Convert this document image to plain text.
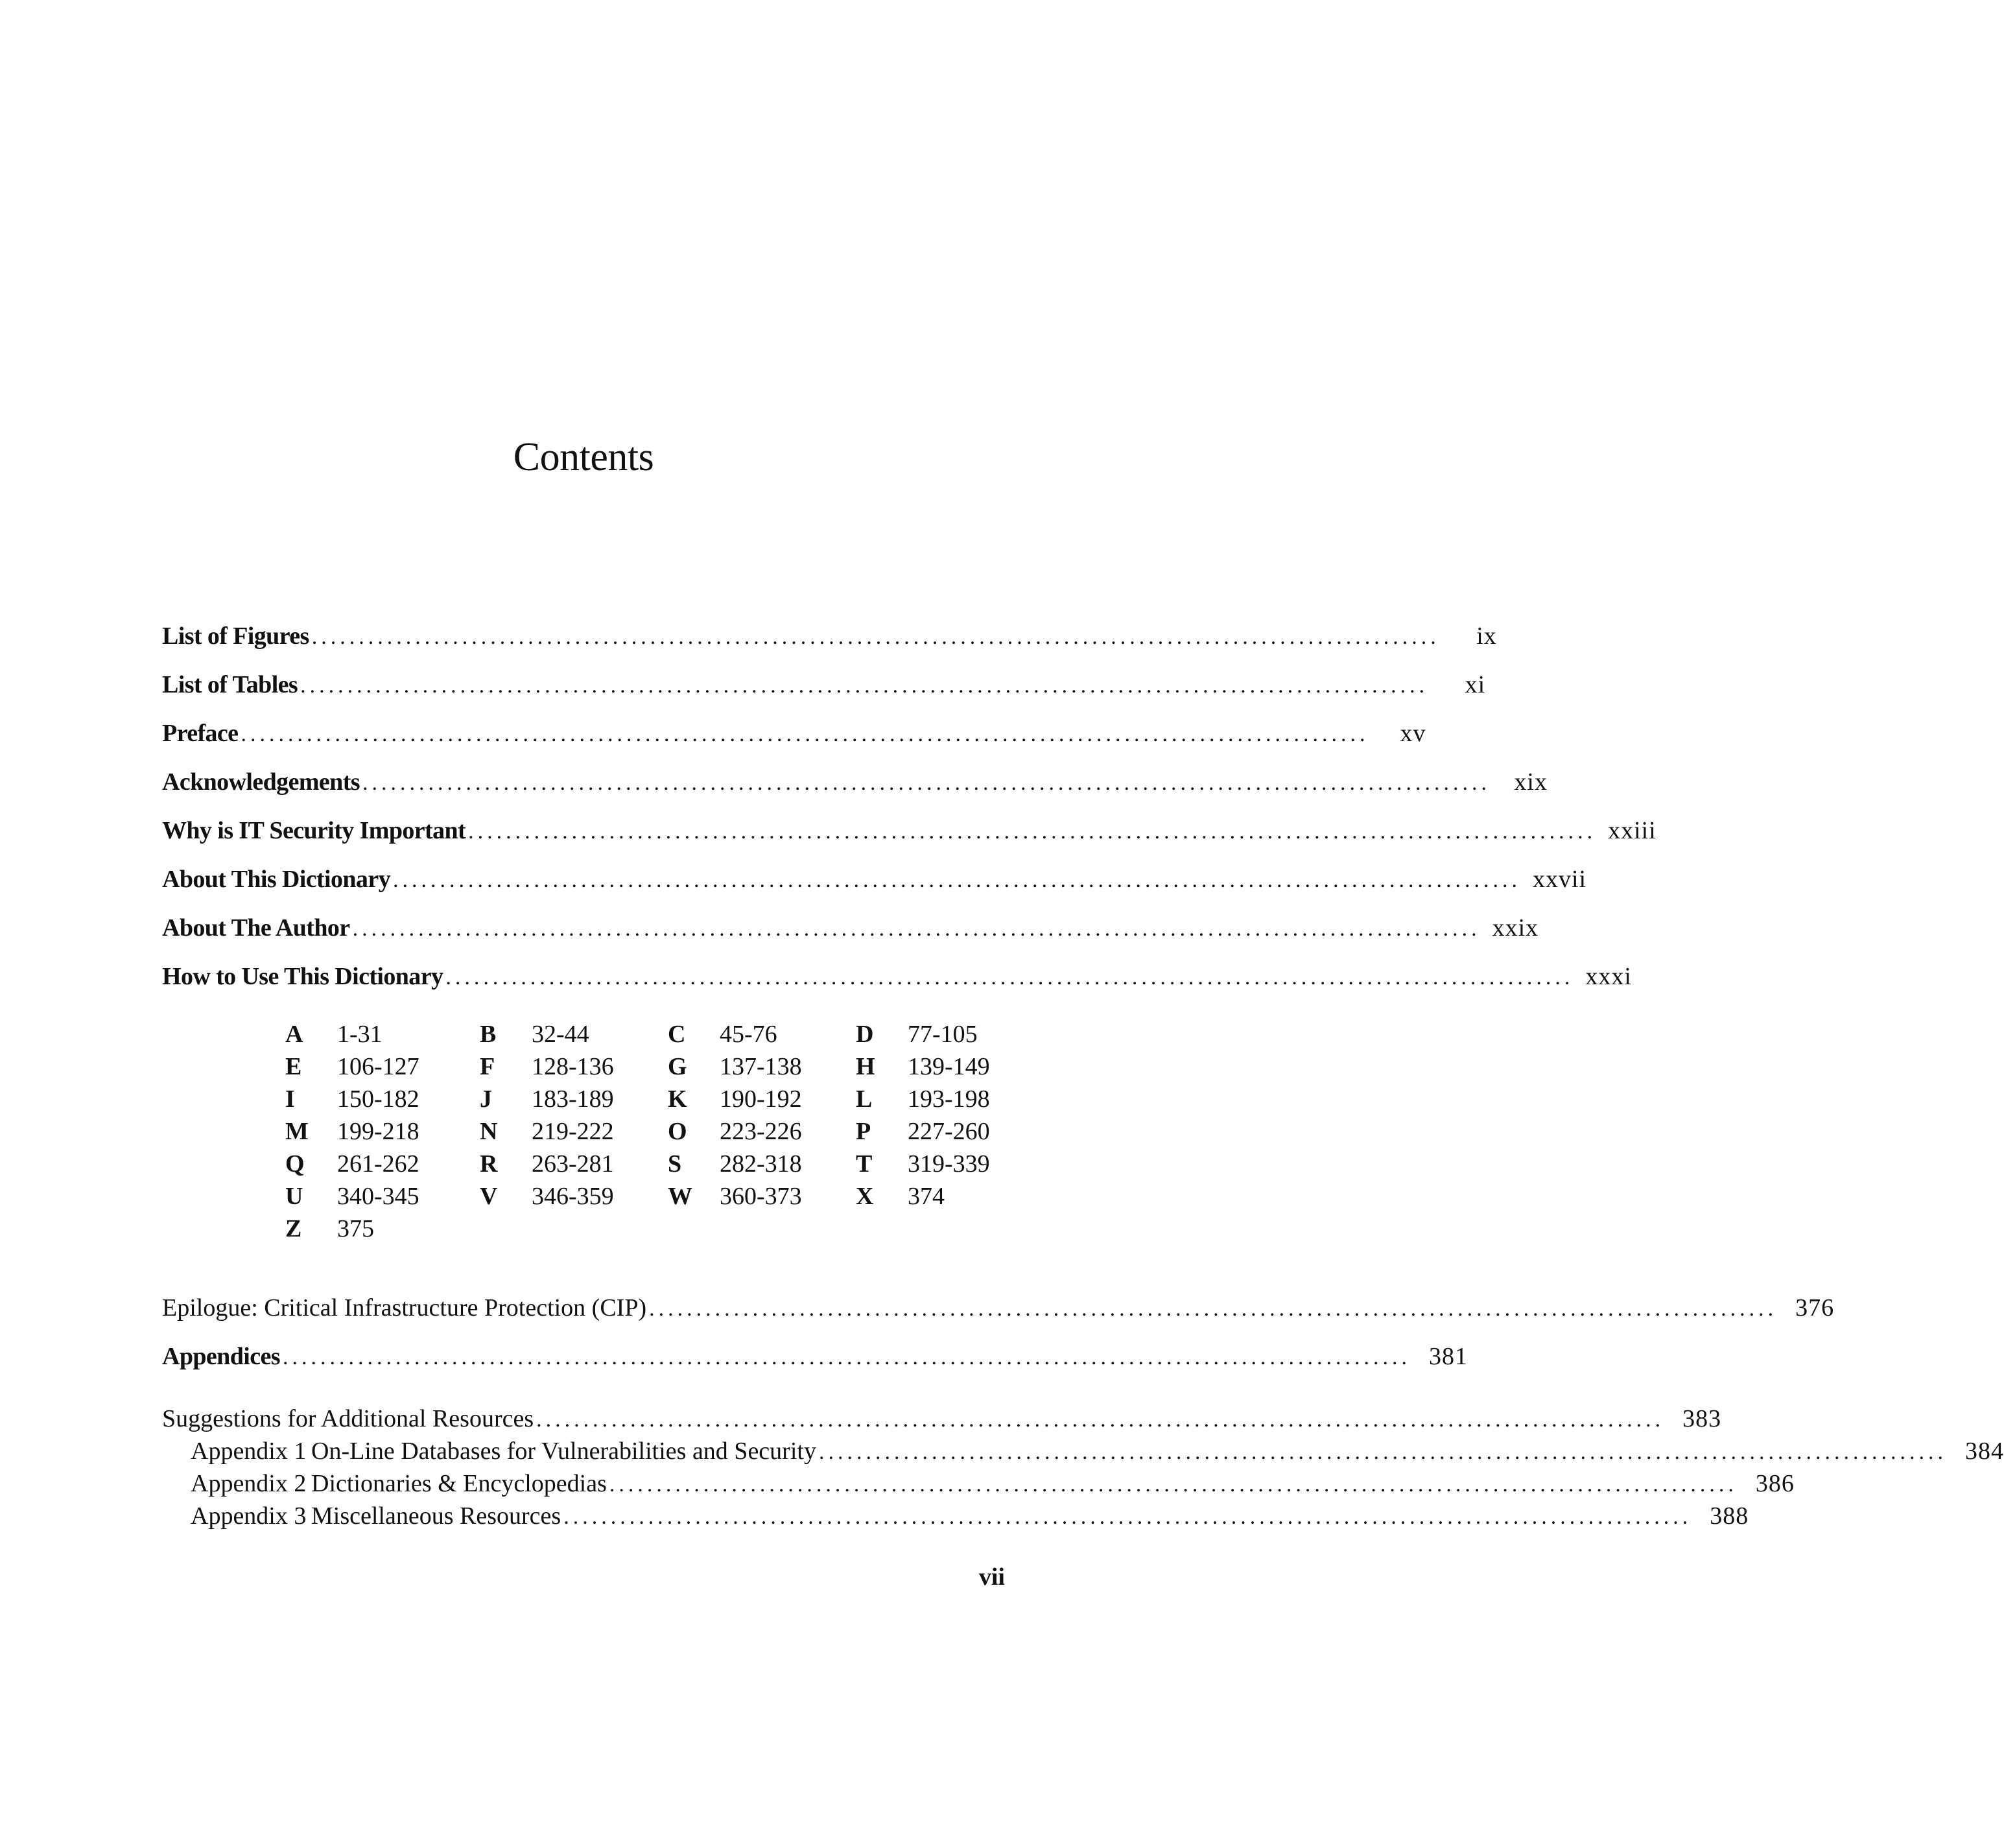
Contents
List of Figures ........................................................................................................................	ix
List of Tables ........................................................................................................................	xi
Preface ........................................................................................................................	xv
Acknowledgements ........................................................................................................................ xix
Why is IT Security Important ........................................................................................................................ xxiii
About This Dictionary ........................................................................................................................ xxvii
About The Author ........................................................................................................................ xxix
How to Use This Dictionary ........................................................................................................................ xxxi
Epilogue: Critical Infrastructure Protection (CIP) ........................................................................................................................ 376
Appendices ........................................................................................................................ 381
Suggestions for Additional Resources ........................................................................................................................ 383
Appendix 1 On-Line Databases for Vulnerabilities and Security ........................................................................................................................ 384
Appendix 2 Dictionaries & Encyclopedias ........................................................................................................................ 386
Appendix 3 Miscellaneous Resources ........................................................................................................................ 388
A 1-31	B 32-44	C 45-76	D 77-105
E 106-127 F 128-136 G 137-138 H 139-149
I 150-182 J 183-189 K 190-192 L 193-198
M 199-218 N 219-222 O 223-226 P 227-260
Q 261-262 R 263-281 S 282-318 T 319-339
U 340-345 V 346-359 W 360-373 X 374
Z 375
vii
